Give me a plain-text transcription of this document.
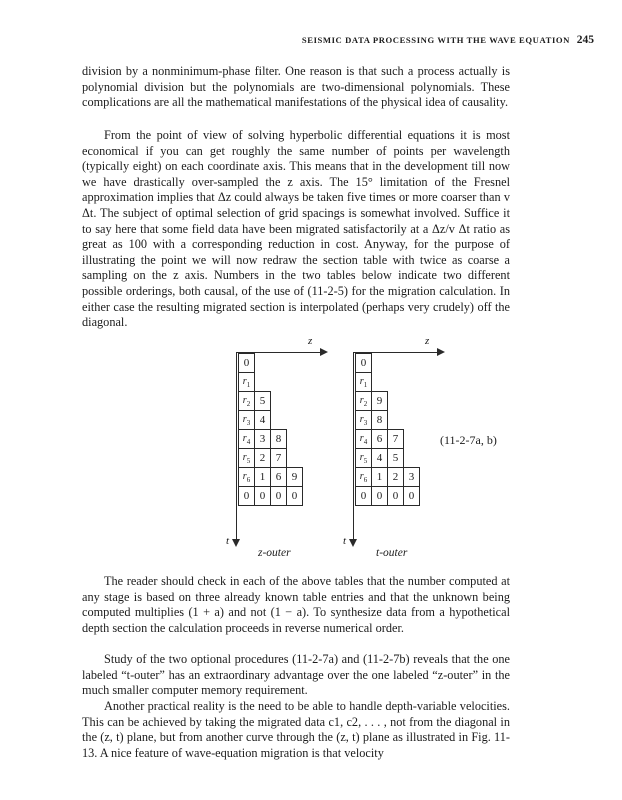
SEISMIC DATA PROCESSING WITH THE WAVE EQUATION 245

division by a nonminimum-phase filter. One reason is that such a process actually is polynomial division but the polynomials are two-dimensional polynomials. These complications are all the mathematical manifestations of the physical idea of causality.

From the point of view of solving hyperbolic differential equations it is most economical if you can get roughly the same number of points per wavelength (typically eight) on each coordinate axis. This means that in the development till now we have drastically over-sampled the z axis. The 15° limitation of the Fresnel approximation implies that Δz could always be taken five times or more coarser than v Δt. The subject of optimal selection of grid spacings is somewhat involved. Suffice it to say here that some field data have been migrated satisfactorily at a Δz/v Δt ratio as great as 100 with a corresponding reduction in cost. Anyway, for the purpose of illustrating the point we will now redraw the section table with twice as coarse a sampling on the z axis. Numbers in the two tables below indicate two different possible orderings, both causal, of the use of (11-2-5) for the migration calculation. In either case the resulting migrated section is interpolated (perhaps very crudely) off the diagonal.

z
t
0			
$r_1$			
$r_2$	5		
$r_3$	4		
$r_4$	3	8	
$r_5$	2	7	
$r_6$	1	6	9
0	0	0	0
z-outer
z
t
0			
$r_1$			
$r_2$	9		
$r_3$	8		
$r_4$	6	7	
$r_5$	4	5	
$r_6$	1	2	3
0	0	0	0
t-outer
(11-2-7a, b)

The reader should check in each of the above tables that the number computed at any stage is based on three already known table entries and that the unknown being computed multiplies (1 + a) and not (1 − a). To synthesize data from a hypothetical depth section the calculation proceeds in reverse numerical order.

Study of the two optional procedures (11-2-7a) and (11-2-7b) reveals that the one labeled “t-outer” has an extraordinary advantage over the one labeled “z-outer” in the much smaller computer memory requirement.

Another practical reality is the need to be able to handle depth-variable velocities. This can be achieved by taking the migrated data c1, c2, . . . , not from the diagonal in the (z, t) plane, but from another curve through the (z, t) plane as illustrated in Fig. 11-13. A nice feature of wave-equation migration is that velocity
